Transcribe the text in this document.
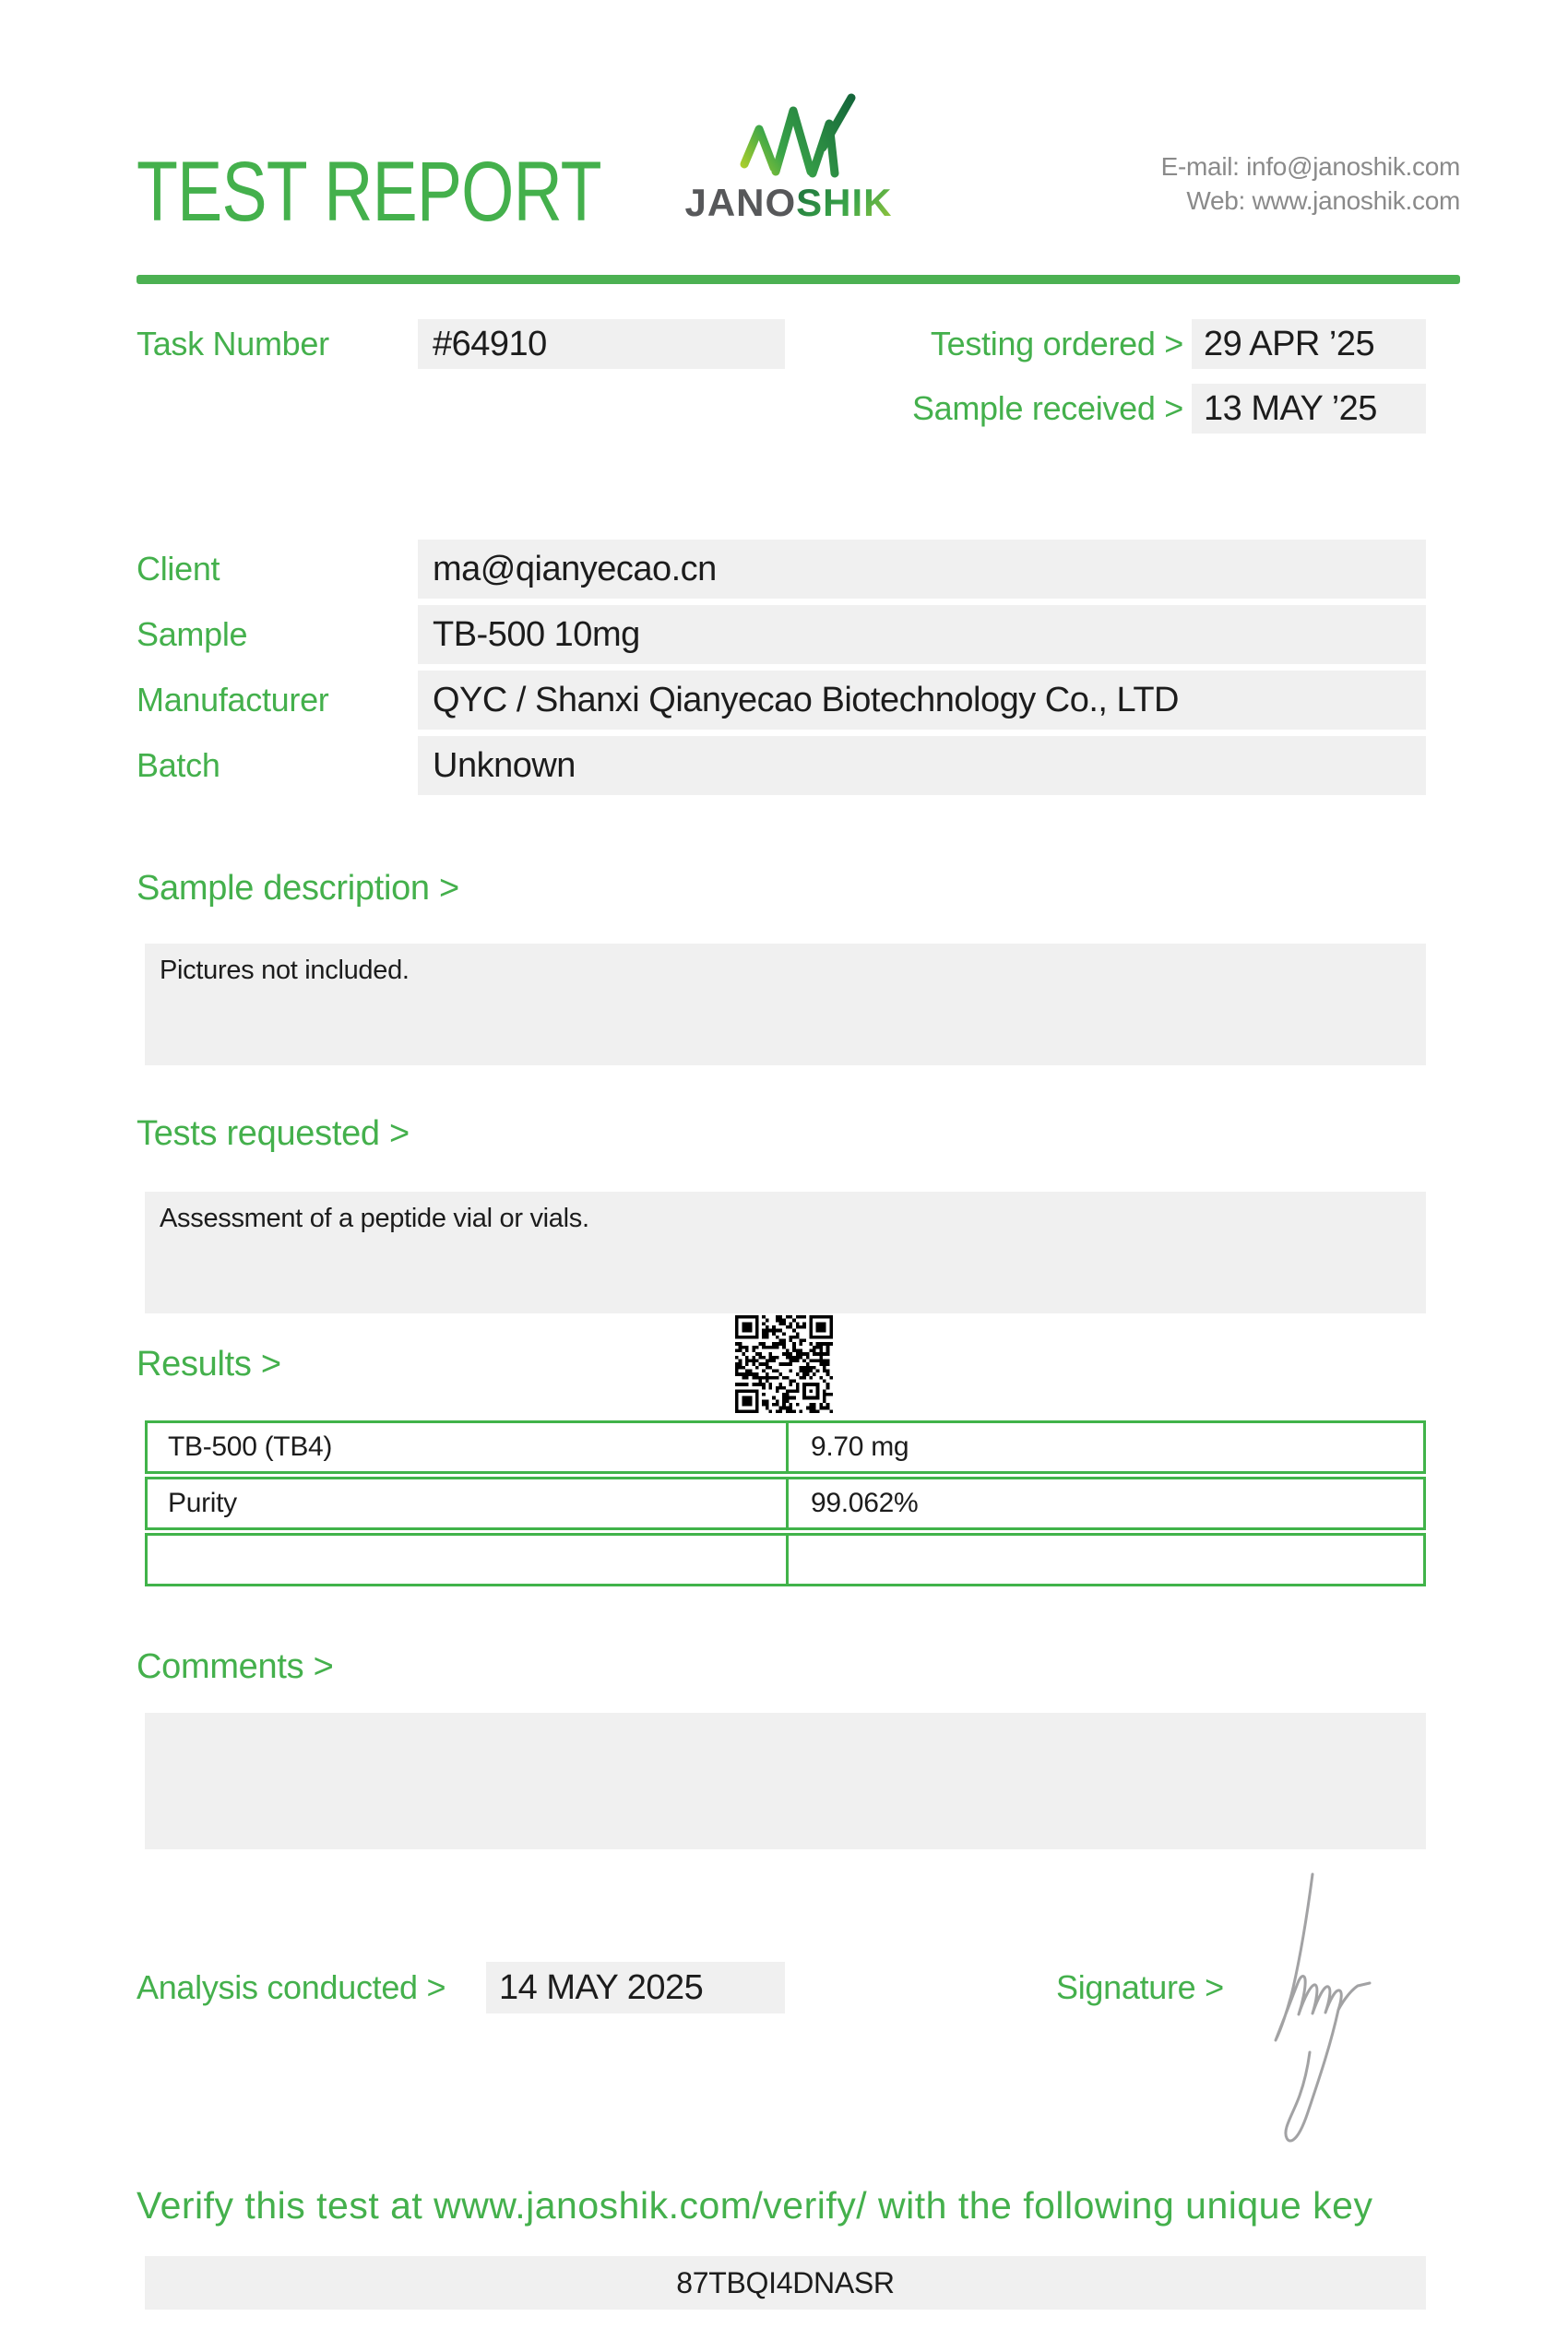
TEST REPORT JANOSHIK
E-mail: info@janoshik.com
Web: www.janoshik.com
Task Number	#64910	Testing ordered > 29 APR ’25
Sample received > 13 MAY ’25
Client	ma@qianyecao.cn
Sample	TB-500 10mg
Manufacturer	QYC / Shanxi Qianyecao Biotechnology Co., LTD
Batch	Unknown
Sample description >
Pictures not included.
Tests requested >
Assessment of a peptide vial or vials.
Results >
TB-500 (TB4)	9.70 mg
Purity	99.062%
Comments >
Analysis conducted >	14 MAY 2025	Signature >
Verify this test at www.janoshik.com/verify/ with the following unique key
87TBQI4DNASR
